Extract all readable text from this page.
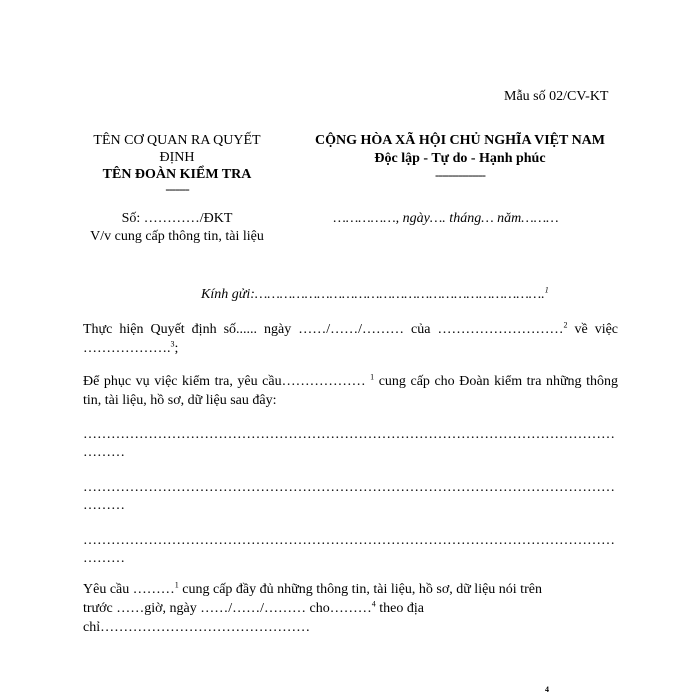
Mẫu số 02/CV-KT
TÊN CƠ QUAN RA QUYẾT
ĐỊNH
TÊN ĐOÀN KIỂM TRA
-------
Số: …………/ĐKT
V/v cung cấp thông tin, tài liệu
CỘNG HÒA XÃ HỘI CHỦ NGHĨA VIỆT NAM
Độc lập - Tự do - Hạnh phúc
---------------
……………, ngày…. tháng… năm………
Kính gửi:…………………………………………………………….$^1$
Thực hiện Quyết định số...... ngày ……/……/……… của ………………………$^2$ về việc
……………….$^3$;
Để phục vụ việc kiểm tra, yêu cầu……………… $^1$ cung cấp cho Đoàn kiểm tra những thông
tin, tài liệu, hồ sơ, dữ liệu sau đây:
……………………………………………………………………………………………………
………
……………………………………………………………………………………………………
………
……………………………………………………………………………………………………
………
Yêu cầu ………$^1$ cung cấp đầy đủ những thông tin, tài liệu, hồ sơ, dữ liệu nói trên
trước ……giờ, ngày ……/……/……… cho………$^4$ theo địa
chỉ………………………………………
4
